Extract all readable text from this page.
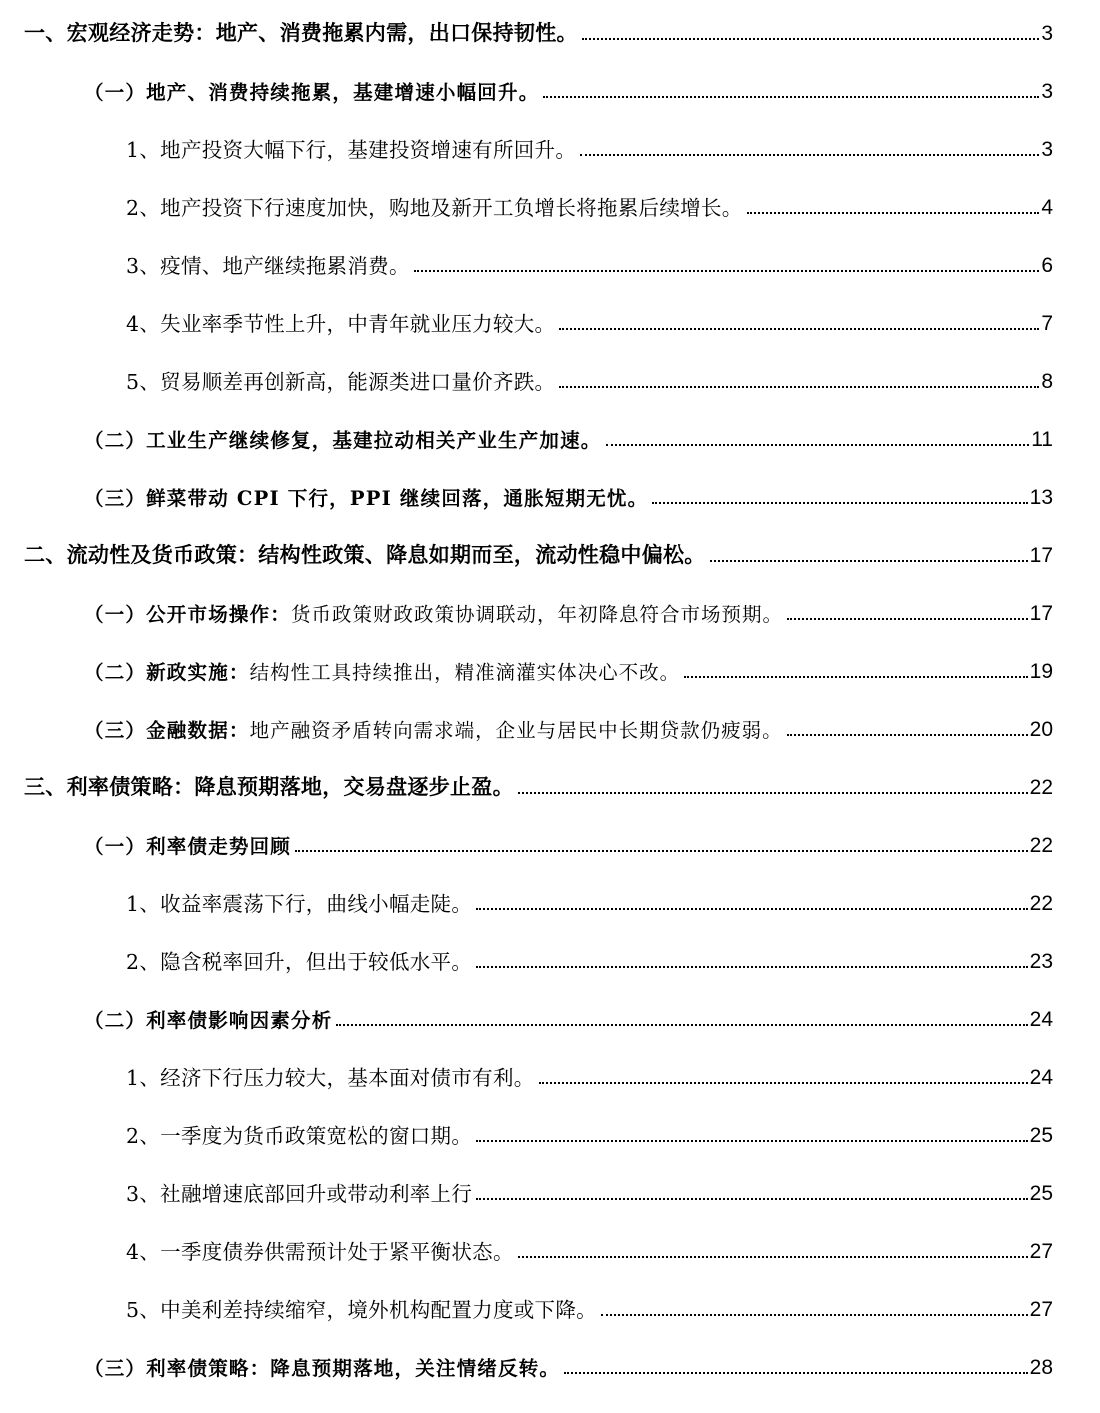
一、宏观经济走势：地产、消费拖累内需，出口保持韧性。	3
（一）地产、消费持续拖累，基建增速小幅回升。	3
1、地产投资大幅下行，基建投资增速有所回升。	3
2、地产投资下行速度加快，购地及新开工负增长将拖累后续增长。	4
3、疫情、地产继续拖累消费。	6
4、失业率季节性上升，中青年就业压力较大。	7
5、贸易顺差再创新高，能源类进口量价齐跌。	8
（二）工业生产继续修复，基建拉动相关产业生产加速。	11
（三）鲜菜带动 CPI 下行，PPI 继续回落，通胀短期无忧。	13
二、流动性及货币政策：结构性政策、降息如期而至，流动性稳中偏松。	17
（一）公开市场操作：货币政策财政政策协调联动，年初降息符合市场预期。	17
（二）新政实施：结构性工具持续推出，精准滴灌实体决心不改。	19
（三）金融数据：地产融资矛盾转向需求端，企业与居民中长期贷款仍疲弱。	20
三、利率债策略：降息预期落地，交易盘逐步止盈。	22
（一）利率债走势回顾	22
1、收益率震荡下行，曲线小幅走陡。	22
2、隐含税率回升，但出于较低水平。	23
（二）利率债影响因素分析	24
1、经济下行压力较大，基本面对债市有利。	24
2、一季度为货币政策宽松的窗口期。	25
3、社融增速底部回升或带动利率上行	25
4、一季度债券供需预计处于紧平衡状态。	27
5、中美利差持续缩窄，境外机构配置力度或下降。	27
（三）利率债策略：降息预期落地，关注情绪反转。	28
